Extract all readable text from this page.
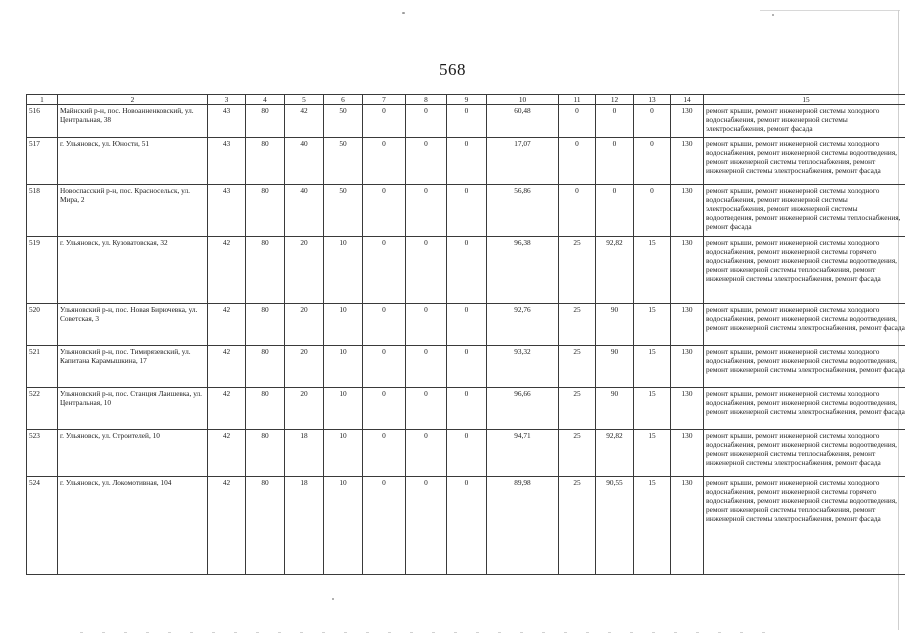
568
1	2	3	4	5	6	7	8	9	10	11	12	13	14	15
516	Майнский р-н, пос. Новоанненковский, ул. Центральная, 38	43	80	42	50	0	0	0	60,48	0	0	0	130	ремонт крыши, ремонт инженерной системы холодного водоснабжения, ремонт инженерной системы электроснабжения, ремонт фасада
517	г. Ульяновск, ул. Юности, 51	43	80	40	50	0	0	0	17,07	0	0	0	130	ремонт крыши, ремонт инженерной системы холодного водоснабжения, ремонт инженерной системы водоотведения, ремонт инженерной системы теплоснабжения, ремонт инженерной системы электроснабжения, ремонт фасада
518	Новоспасский р-н, пос. Красносельск, ул. Мира, 2	43	80	40	50	0	0	0	56,86	0	0	0	130	ремонт крыши, ремонт инженерной системы холодного водоснабжения, ремонт инженерной системы электроснабжения, ремонт инженерной системы водоотведения, ремонт инженерной системы теплоснабжения, ремонт фасада
519	г. Ульяновск, ул. Кузоватовская, 32	42	80	20	10	0	0	0	96,38	25	92,82	15	130	ремонт крыши, ремонт инженерной системы холодного водоснабжения, ремонт инженерной системы горячего водоснабжения, ремонт инженерной системы водоотведения, ремонт инженерной системы теплоснабжения, ремонт инженерной системы электроснабжения, ремонт фасада
520	Ульяновский р-н, пос. Новая Бирючевка, ул. Советская, 3	42	80	20	10	0	0	0	92,76	25	90	15	130	ремонт крыши, ремонт инженерной системы холодного водоснабжения, ремонт инженерной системы водоотведения, ремонт инженерной системы электроснабжения, ремонт фасада
521	Ульяновский р-н, пос. Тимирязевский, ул. Капитана Карамышкина, 17	42	80	20	10	0	0	0	93,32	25	90	15	130	ремонт крыши, ремонт инженерной системы холодного водоснабжения, ремонт инженерной системы водоотведения, ремонт инженерной системы электроснабжения, ремонт фасада
522	Ульяновский р-н, пос. Станция Лаишевка, ул. Центральная, 10	42	80	20	10	0	0	0	96,66	25	90	15	130	ремонт крыши, ремонт инженерной системы холодного водоснабжения, ремонт инженерной системы водоотведения, ремонт инженерной системы электроснабжения, ремонт фасада
523	г. Ульяновск, ул. Строителей, 10	42	80	18	10	0	0	0	94,71	25	92,82	15	130	ремонт крыши, ремонт инженерной системы холодного водоснабжения, ремонт инженерной системы водоотведения, ремонт инженерной системы теплоснабжения, ремонт инженерной системы электроснабжения, ремонт фасада
524	г. Ульяновск, ул. Локомотивная, 104	42	80	18	10	0	0	0	89,98	25	90,55	15	130	ремонт крыши, ремонт инженерной системы холодного водоснабжения, ремонт инженерной системы горячего водоснабжения, ремонт инженерной системы водоотведения, ремонт инженерной системы теплоснабжения, ремонт инженерной системы электроснабжения, ремонт фасада
